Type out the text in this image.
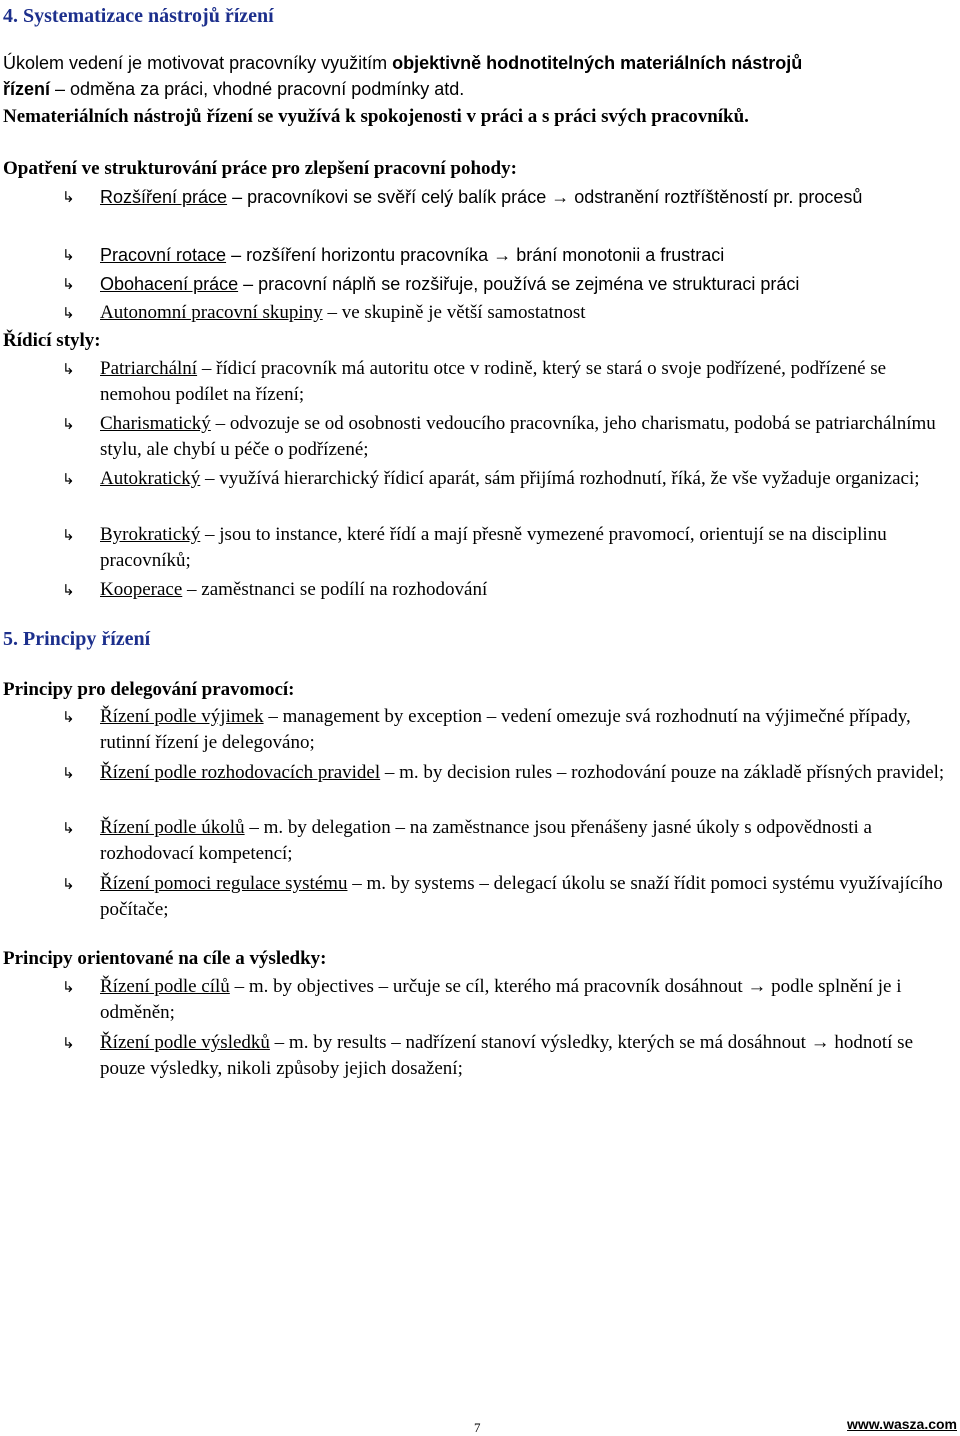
4. Systematizace nástrojů řízení
Úkolem vedení je motivovat pracovníky využitím objektivně hodnotitelných materiálních nástrojů
řízení – odměna za práci, vhodné pracovní podmínky atd.
Nemateriálních nástrojů řízení se využívá k spokojenosti v práci a s práci svých pracovníků.
Opatření ve strukturování práce pro zlepšení pracovní pohody:
↳	Rozšíření práce – pracovníkovi se svěří celý balík práce → odstranění roztříštěností pr. procesů
↳	Pracovní rotace – rozšíření horizontu pracovníka → brání monotonii a frustraci
↳	Obohacení práce – pracovní náplň se rozšiřuje, používá se zejména ve strukturaci práci
↳	Autonomní pracovní skupiny – ve skupině je větší samostatnost
Řídicí styly:
↳	Patriarchální – řídicí pracovník má autoritu otce v rodině, který se stará o svoje podřízené, podřízené se nemohou podílet na řízení;
↳	Charismatický – odvozuje se od osobnosti vedoucího pracovníka, jeho charismatu, podobá se patriarchálnímu stylu, ale chybí u péče o podřízené;
↳	Autokratický – využívá hierarchický řídicí aparát, sám přijímá rozhodnutí, říká, že vše vyžaduje organizaci;
↳	Byrokratický – jsou to instance, které řídí a mají přesně vymezené pravomocí, orientují se na disciplinu pracovníků;
↳	Kooperace – zaměstnanci se podílí na rozhodování
5. Principy řízení
Principy pro delegování pravomocí:
↳	Řízení podle výjimek – management by exception – vedení omezuje svá rozhodnutí na výjimečné případy, rutinní řízení je delegováno;
↳	Řízení podle rozhodovacích pravidel – m. by decision rules – rozhodování pouze na základě přísných pravidel;
↳	Řízení podle úkolů – m. by delegation – na zaměstnance jsou přenášeny jasné úkoly s odpovědnosti a rozhodovací kompetencí;
↳	Řízení pomoci regulace systému – m. by systems – delegací úkolu se snaží řídit pomoci systému využívajícího počítače;
Principy orientované na cíle a výsledky:
↳	Řízení podle cílů – m. by objectives – určuje se cíl, kterého má pracovník dosáhnout → podle splnění je i odměněn;
↳	Řízení podle výsledků – m. by results – nadřízení stanoví výsledky, kterých se má dosáhnout → hodnotí se pouze výsledky, nikoli způsoby jejich dosažení;
7	www.wasza.com
